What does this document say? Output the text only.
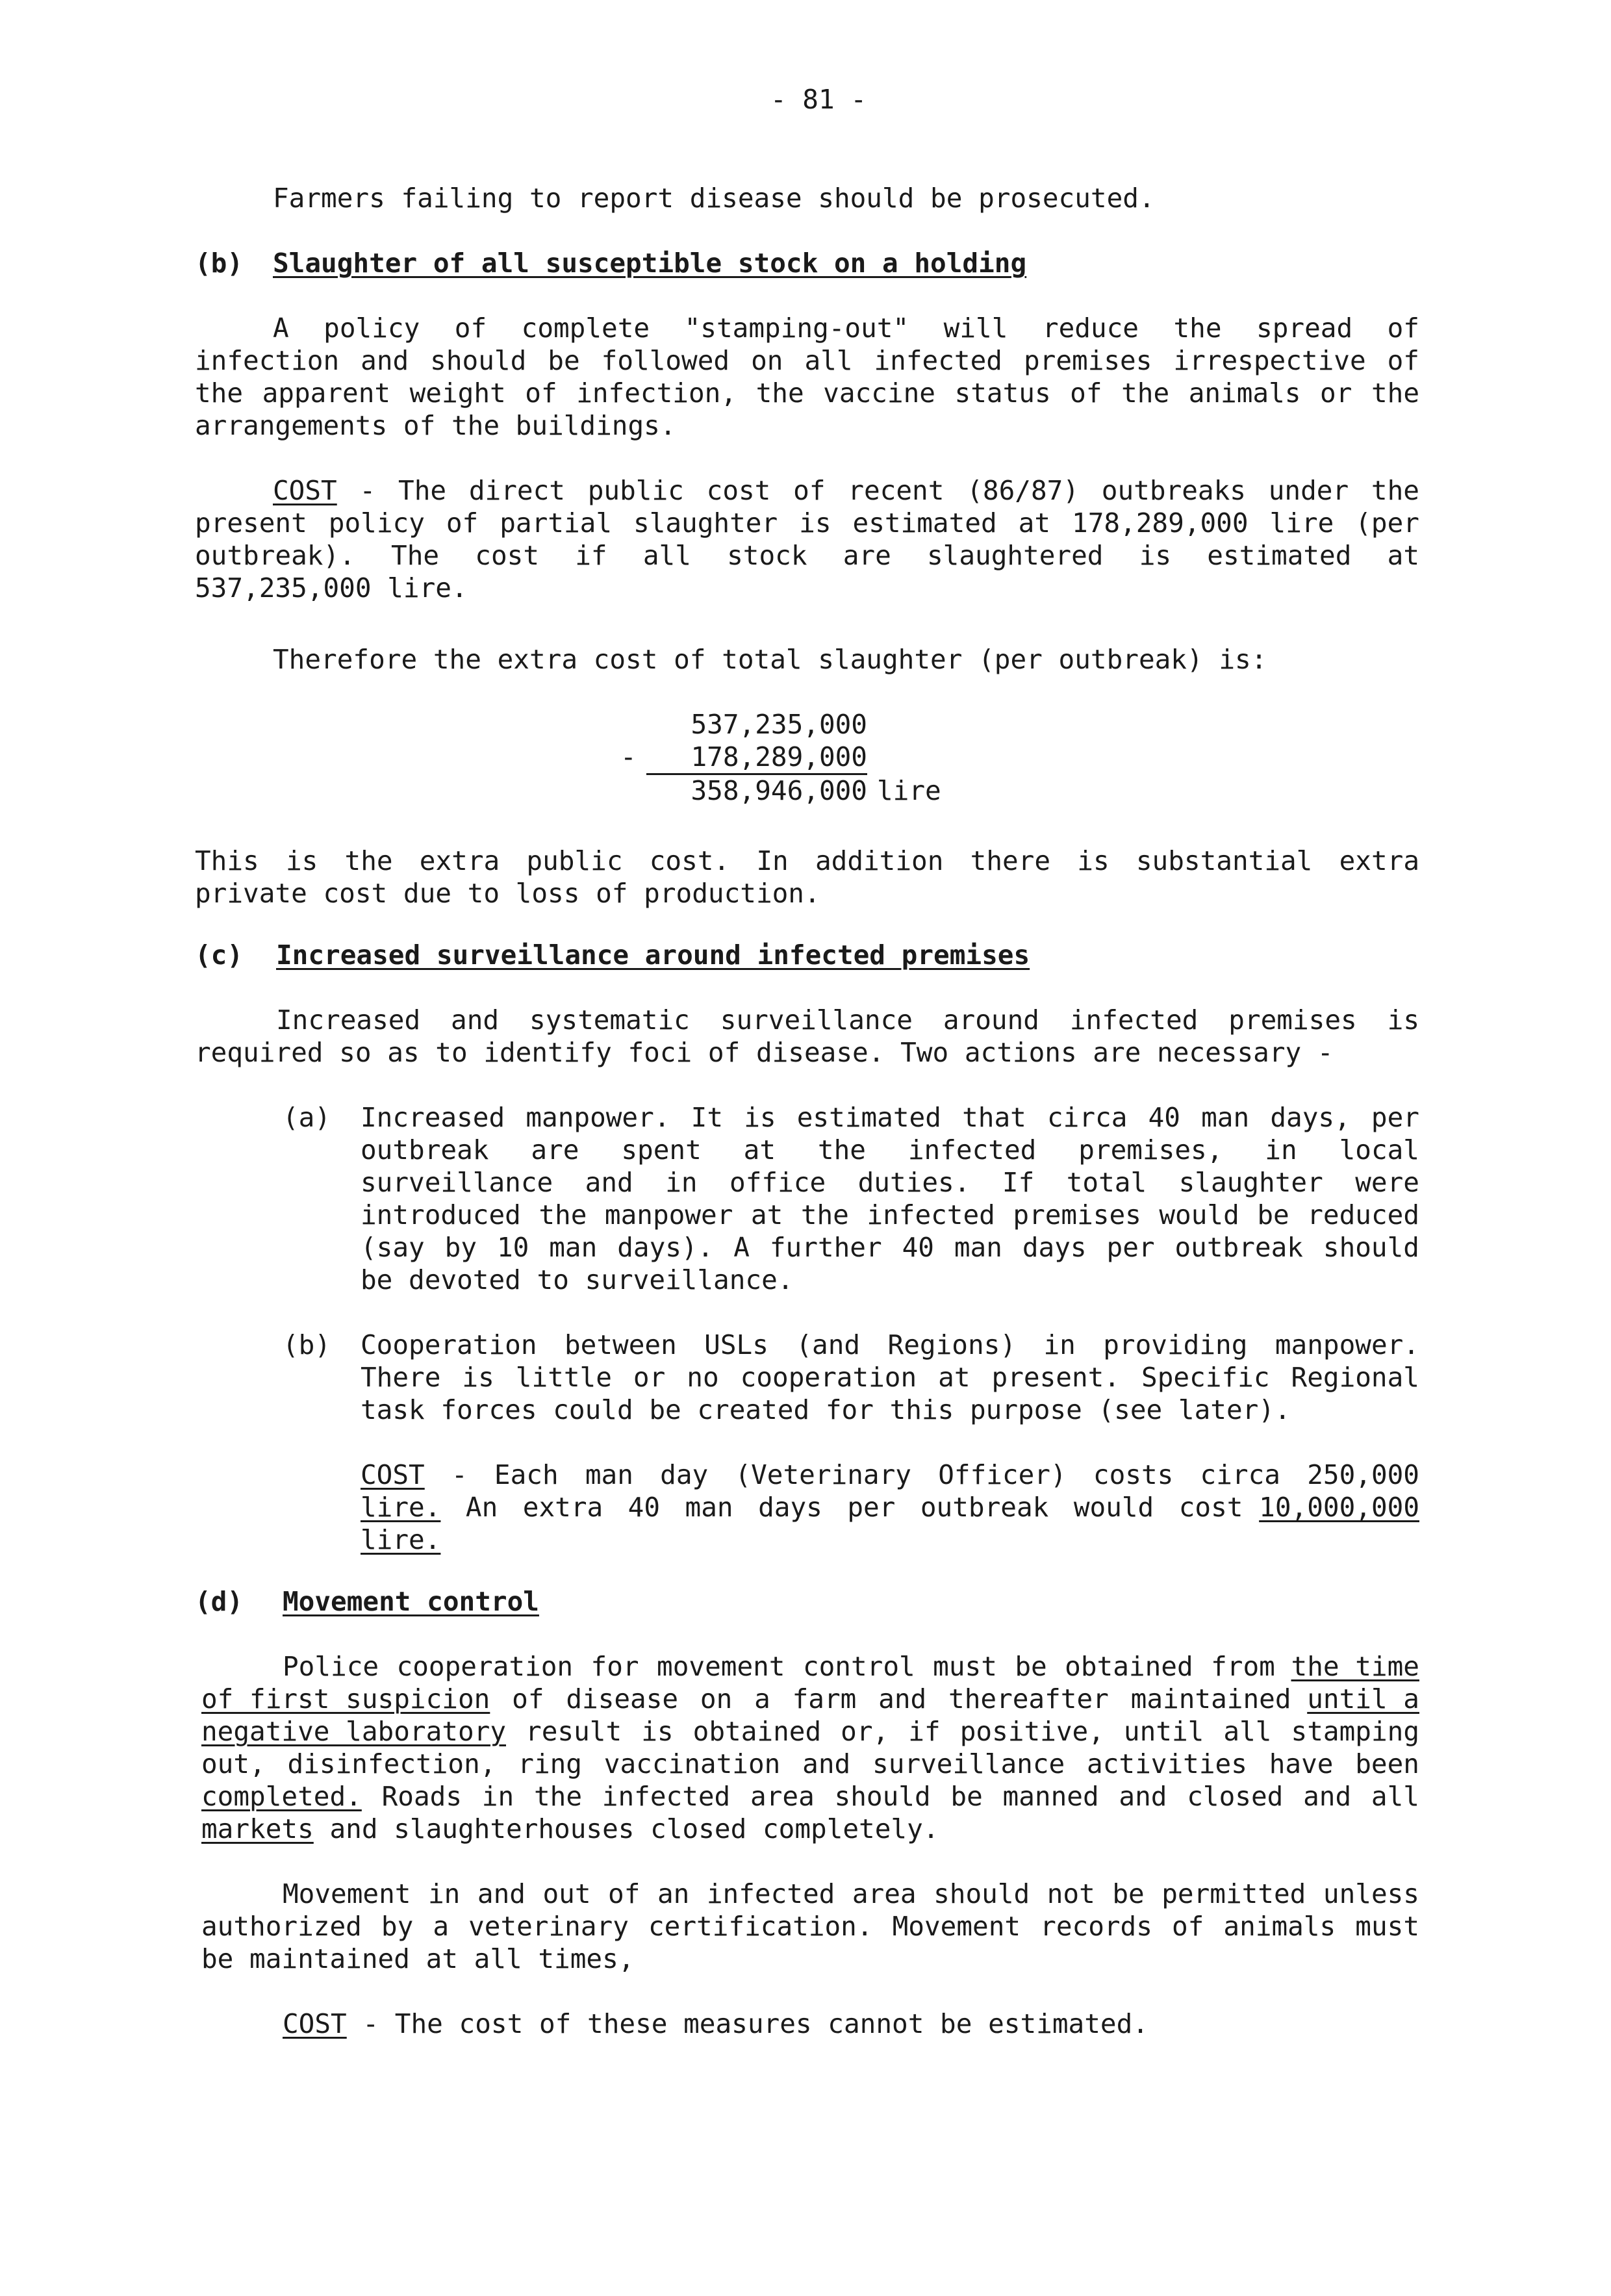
- 81 -
Farmers failing to report disease should be prosecuted.
(b) Slaughter of all susceptible stock on a holding
A policy of complete "stamping-out" will reduce the spread of
infection and should be followed on all infected premises irrespective of
the apparent weight of infection, the vaccine status of the animals or the
arrangements of the buildings.
COST - The direct public cost of recent (86/87) outbreaks under the
present policy of partial slaughter is estimated at 178,289,000 lire (per
outbreak). The cost if all stock are slaughtered is estimated at
537,235,000 lire.
Therefore the extra cost of total slaughter (per outbreak) is:
537,235,000
-	178,289,000
358,946,000 lire
This is the extra public cost. In addition there is substantial extra
private cost due to loss of production.
(c) Increased surveillance around infected premises
Increased and systematic surveillance around infected premises is
required so as to identify foci of disease. Two actions are necessary -
(a) Increased manpower. It is estimated that circa 40 man days, per
outbreak are spent at the infected premises, in local
surveillance and in office duties. If total slaughter were
introduced the manpower at the infected premises would be reduced
(say by 10 man days). A further 40 man days per outbreak should
be devoted to surveillance.
(b) Cooperation between USLs (and Regions) in providing manpower.
There is little or no cooperation at present. Specific Regional
task forces could be created for this purpose (see later).
COST - Each man day (Veterinary Officer) costs circa 250,000
lire. An extra 40 man days per outbreak would cost 10,000,000
lire.
(d) Movement control
Police cooperation for movement control must be obtained from the time
of first suspicion of disease on a farm and thereafter maintained until a
negative laboratory result is obtained or, if positive, until all stamping
out, disinfection, ring vaccination and surveillance activities have been
completed. Roads in the infected area should be manned and closed and all
markets and slaughterhouses closed completely.
Movement in and out of an infected area should not be permitted unless
authorized by a veterinary certification. Movement records of animals must
be maintained at all times,
COST - The cost of these measures cannot be estimated.
